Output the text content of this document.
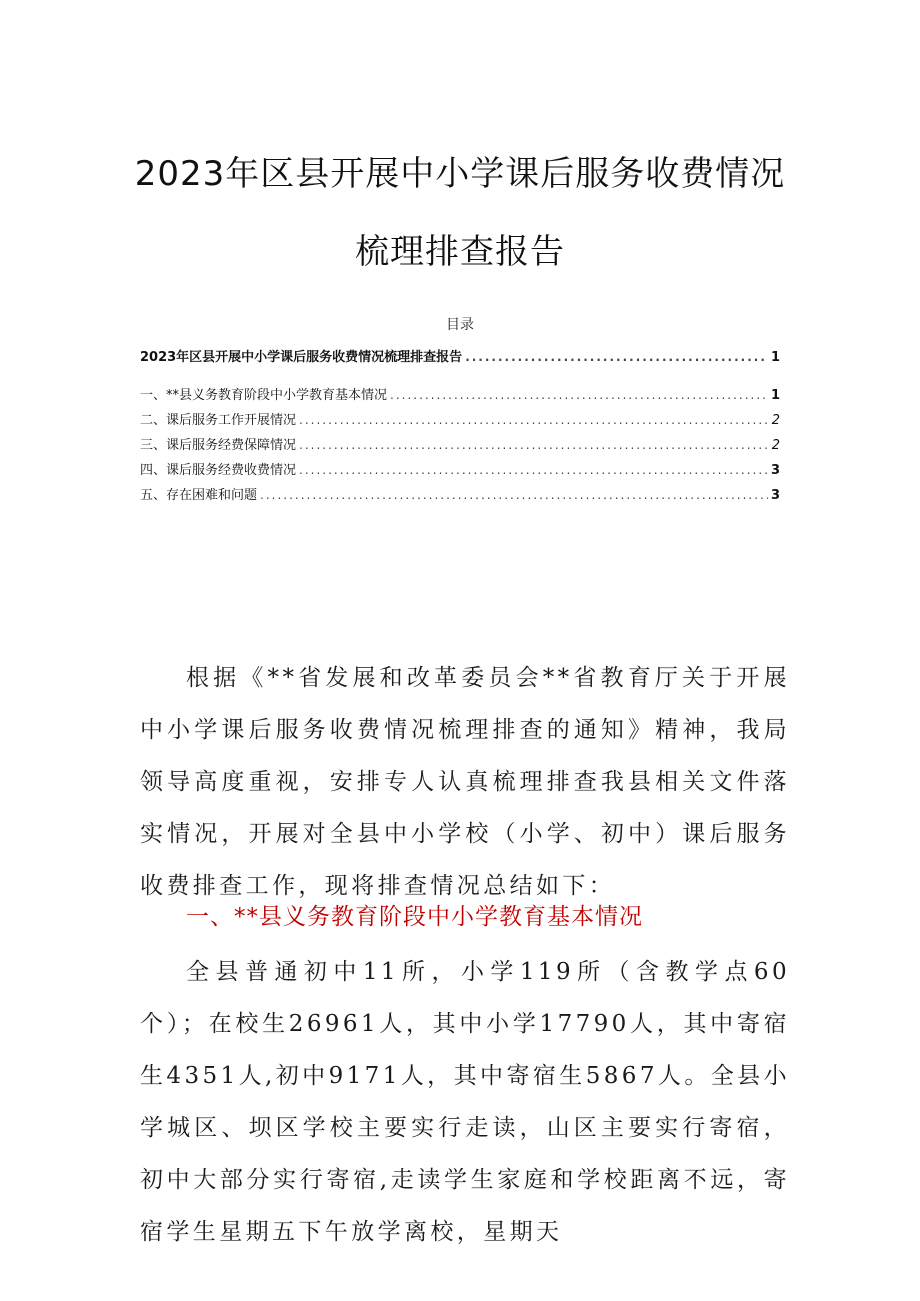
2023年区县开展中小学课后服务收费情况
梳理排查报告
目录
2023年区县开展中小学课后服务收费情况梳理排查报告 .....	1
一、**县义务教育阶段中小学教育基本情况 .....	1
二、课后服务工作开展情况 .....	2
三、课后服务经费保障情况 .....	2
四、课后服务经费收费情况 .....	3
五、存在困难和问题 .....	3
根据《**省发展和改革委员会**省教育厅关于开展中小学课后服务收费情况梳理排查的通知》精神，我局领导高度重视，安排专人认真梳理排查我县相关文件落实情况，开展对全县中小学校（小学、初中）课后服务收费排查工作，现将排查情况总结如下：
一、**县义务教育阶段中小学教育基本情况
全县普通初中11所，小学119所（含教学点60个）；在校生26961人，其中小学17790人，其中寄宿生4351人,初中9171人，其中寄宿生5867人。全县小学城区、坝区学校主要实行走读，山区主要实行寄宿，初中大部分实行寄宿,走读学生家庭和学校距离不远，寄宿学生星期五下午放学离校，星期天
